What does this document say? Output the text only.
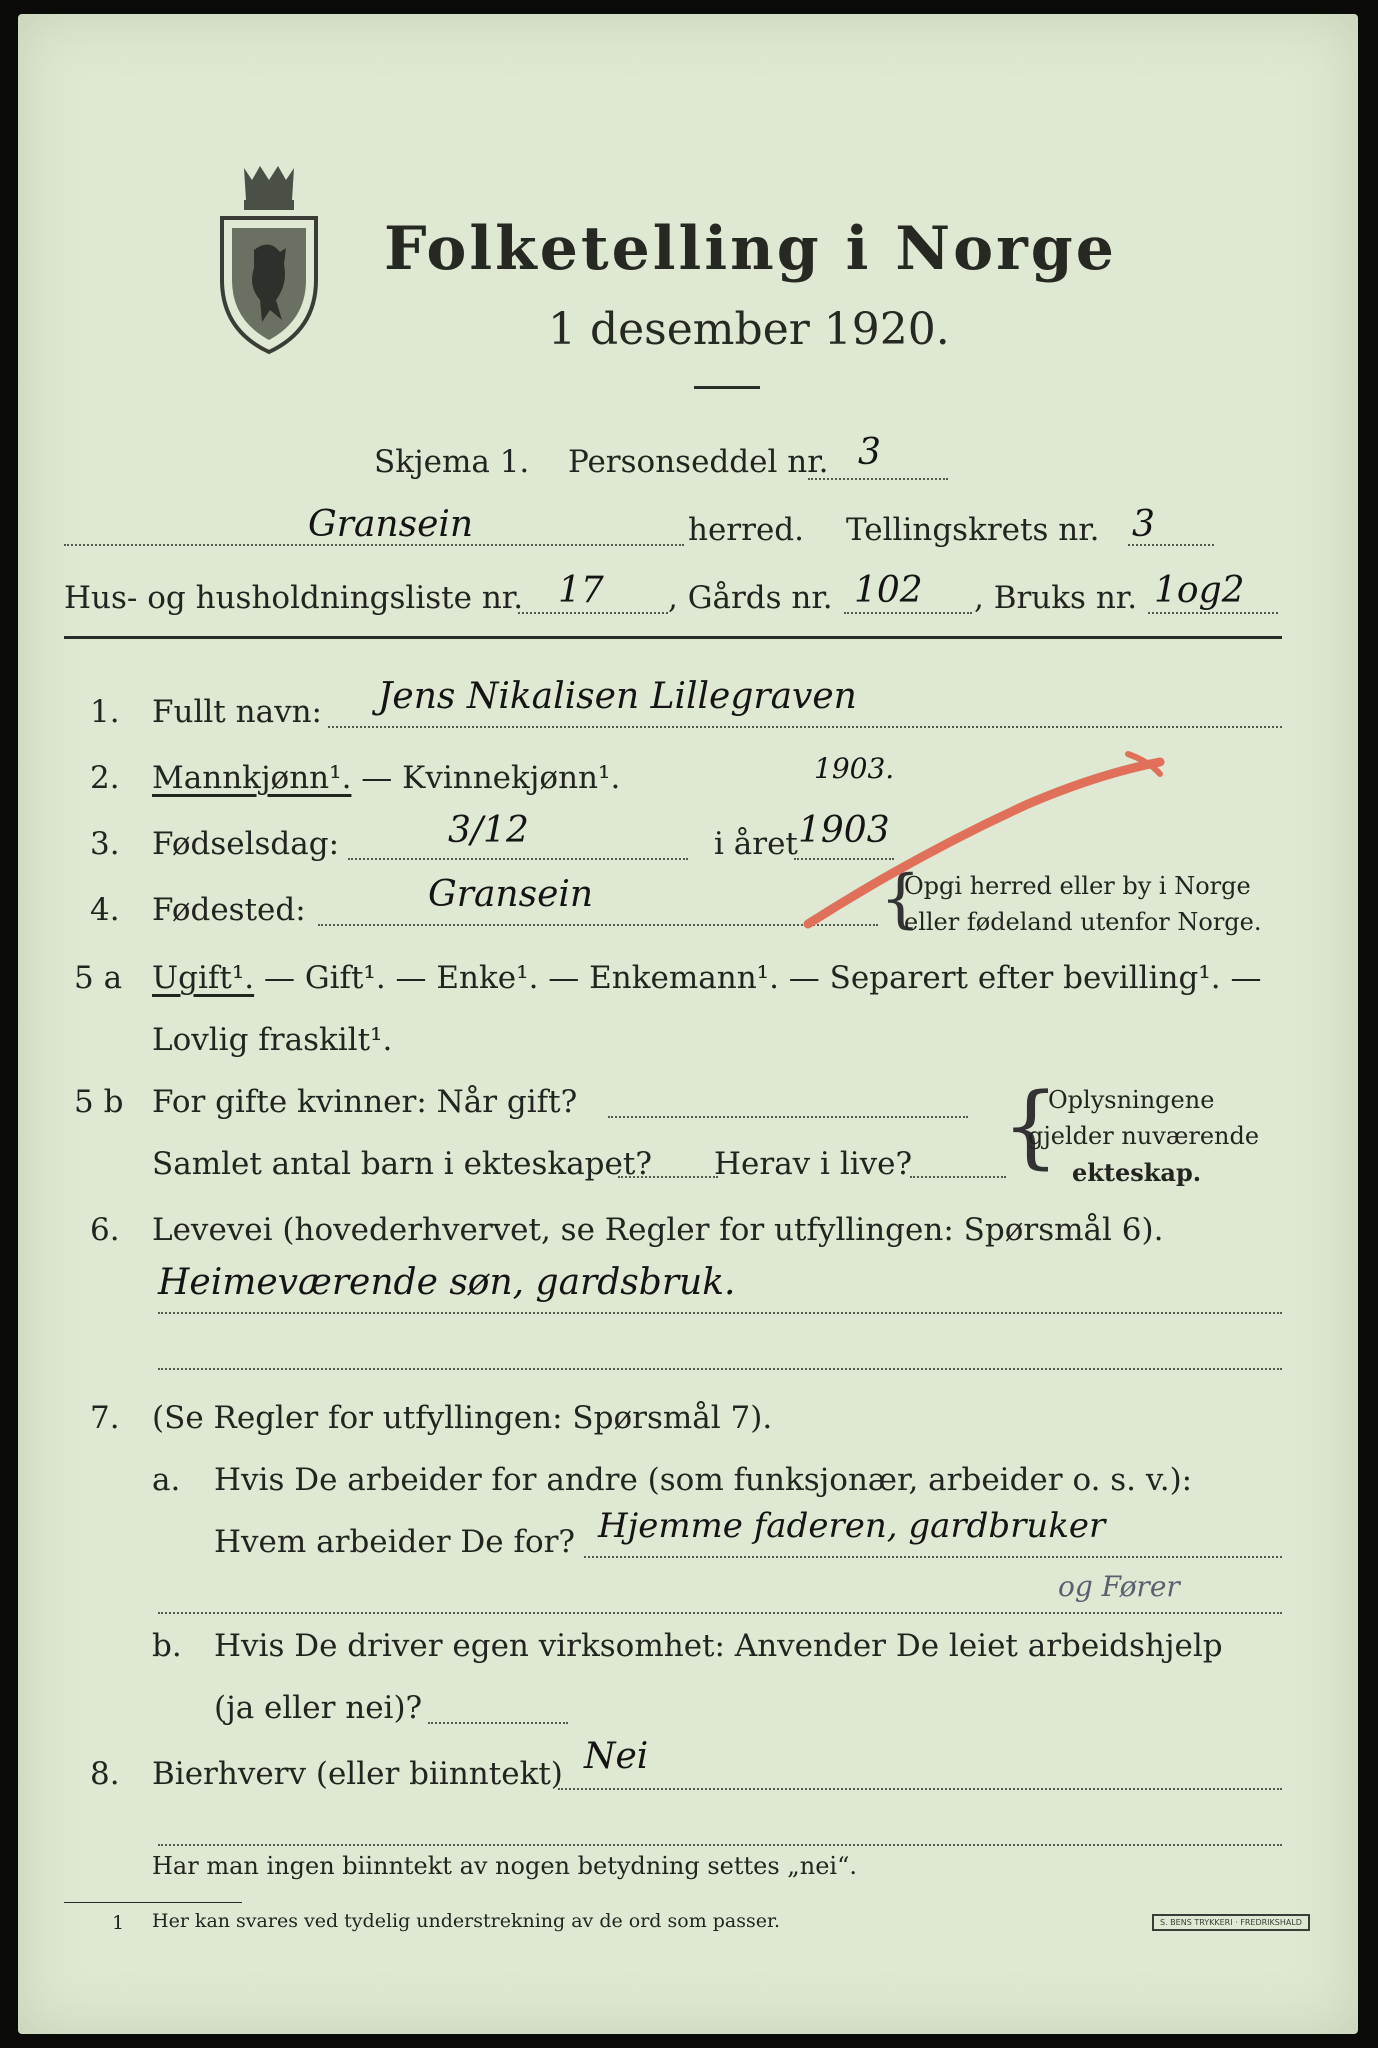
Folketelling i Norge
1 desember 1920.
Skjema 1. Personseddel nr. 3
Gransein	herred. Tellingskrets nr. 3
Hus- og husholdningsliste nr. 17 , Gårds nr. 102 , Bruks nr. 1og2
1. Fullt navn: Jens Nikalisen Lillegraven
2. Mannkjønn¹. — Kvinnekjønn¹.	1903.
3. Fødselsdag:	3/12	i året 1903
4. Fødested:	Gransein	{
Opgi herred eller by i Norge
eller fødeland utenfor Norge.
5 a Ugift¹. — Gift¹. — Enke¹. — Enkemann¹. — Separert efter bevilling¹. —
Lovlig fraskilt¹.
5 b For gifte kvinner: Når gift?
Samlet antal barn i ekteskapet? Herav i live? {
Oplysningene
gjelder nuværende
ekteskap.
6. Levevei (hovederhvervet, se Regler for utfyllingen: Spørsmål 6).
Heimeværende søn, gardsbruk.
7. (Se Regler for utfyllingen: Spørsmål 7).
a. Hvis De arbeider for andre (som funksjonær, arbeider o. s. v.):
Hvem arbeider De for? Hjemme faderen, gardbruker
og Fører
b. Hvis De driver egen virksomhet: Anvender De leiet arbeidshjelp
(ja eller nei)?
8. Bierhverv (eller biinntekt) Nei
Har man ingen biinntekt av nogen betydning settes „nei“.
1 Her kan svares ved tydelig understrekning av de ord som passer.	S. BENS TRYKKERI · FREDRIKSHALD
